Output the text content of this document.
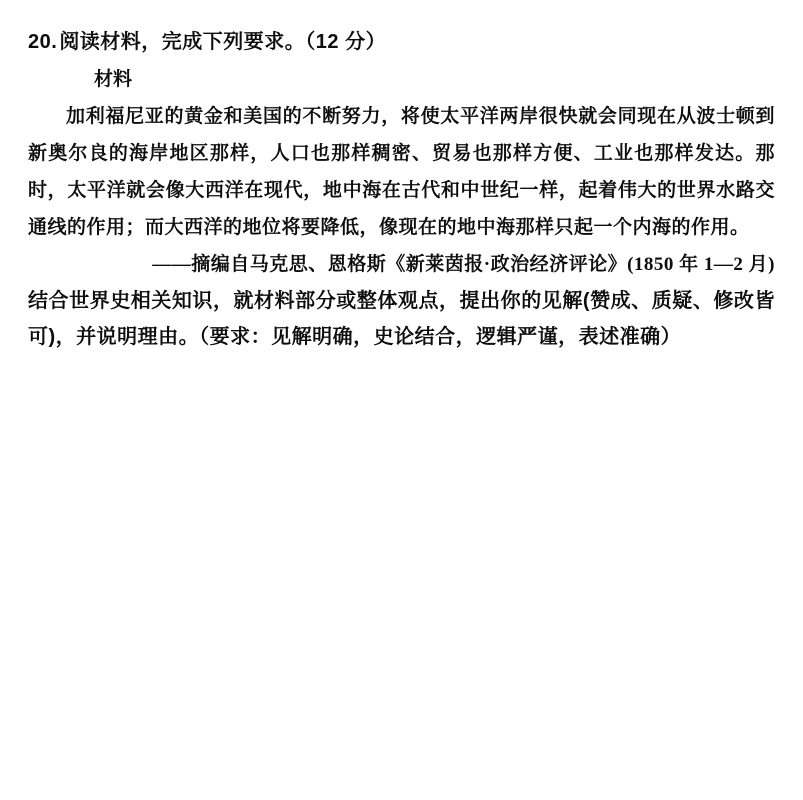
20. 阅读材料，完成下列要求。（12 分）
材料

加利福尼亚的黄金和美国的不断努力，将使太平洋两岸很快就会同现在从波士顿到新奥尔良的海岸地区那样，人口也那样稠密、贸易也那样方便、工业也那样发达。那时，太平洋就会像大西洋在现代，地中海在古代和中世纪一样，起着伟大的世界水路交通线的作用；而大西洋的地位将要降低，像现在的地中海那样只起一个内海的作用。

——摘编自马克思、恩格斯《新莱茵报·政治经济评论》(1850 年 1—2 月)

结合世界史相关知识，就材料部分或整体观点，提出你的见解(赞成、质疑、修改皆可)，并说明理由。（要求：见解明确，史论结合，逻辑严谨，表述准确）
